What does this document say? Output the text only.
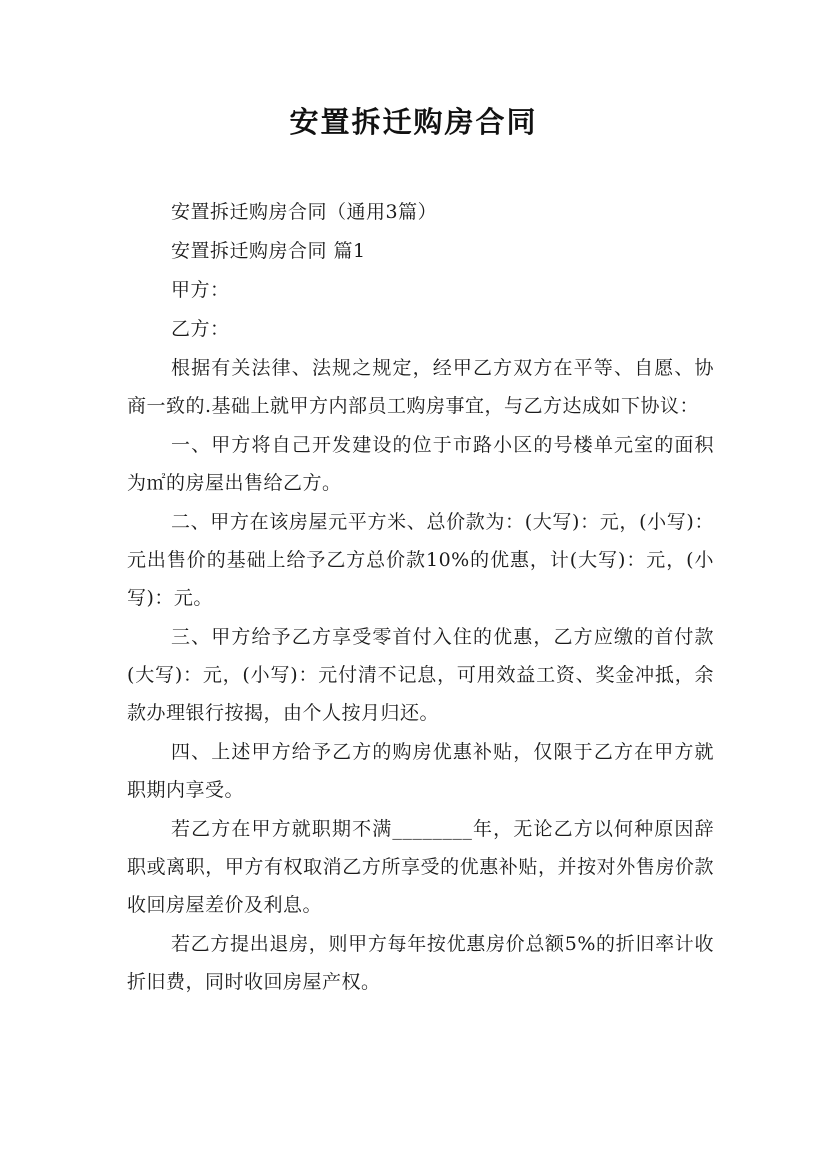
安置拆迁购房合同

安置拆迁购房合同（通用3篇）

安置拆迁购房合同 篇1

甲方：

乙方：

根据有关法律、法规之规定，经甲乙方双方在平等、自愿、协商一致的.基础上就甲方内部员工购房事宜，与乙方达成如下协议：

一、甲方将自己开发建设的位于市路小区的号楼单元室的面积为㎡的房屋出售给乙方。

二、甲方在该房屋元平方米、总价款为：(大写)：元，(小写)：元出售价的基础上给予乙方总价款10%的优惠，计(大写)：元，(小写)：元。

三、甲方给予乙方享受零首付入住的优惠，乙方应缴的首付款(大写)：元，(小写)：元付清不记息，可用效益工资、奖金冲抵，余款办理银行按揭，由个人按月归还。

四、上述甲方给予乙方的购房优惠补贴，仅限于乙方在甲方就职期内享受。

若乙方在甲方就职期不满________年，无论乙方以何种原因辞职或离职，甲方有权取消乙方所享受的优惠补贴，并按对外售房价款收回房屋差价及利息。

若乙方提出退房，则甲方每年按优惠房价总额5%的折旧率计收折旧费，同时收回房屋产权。
